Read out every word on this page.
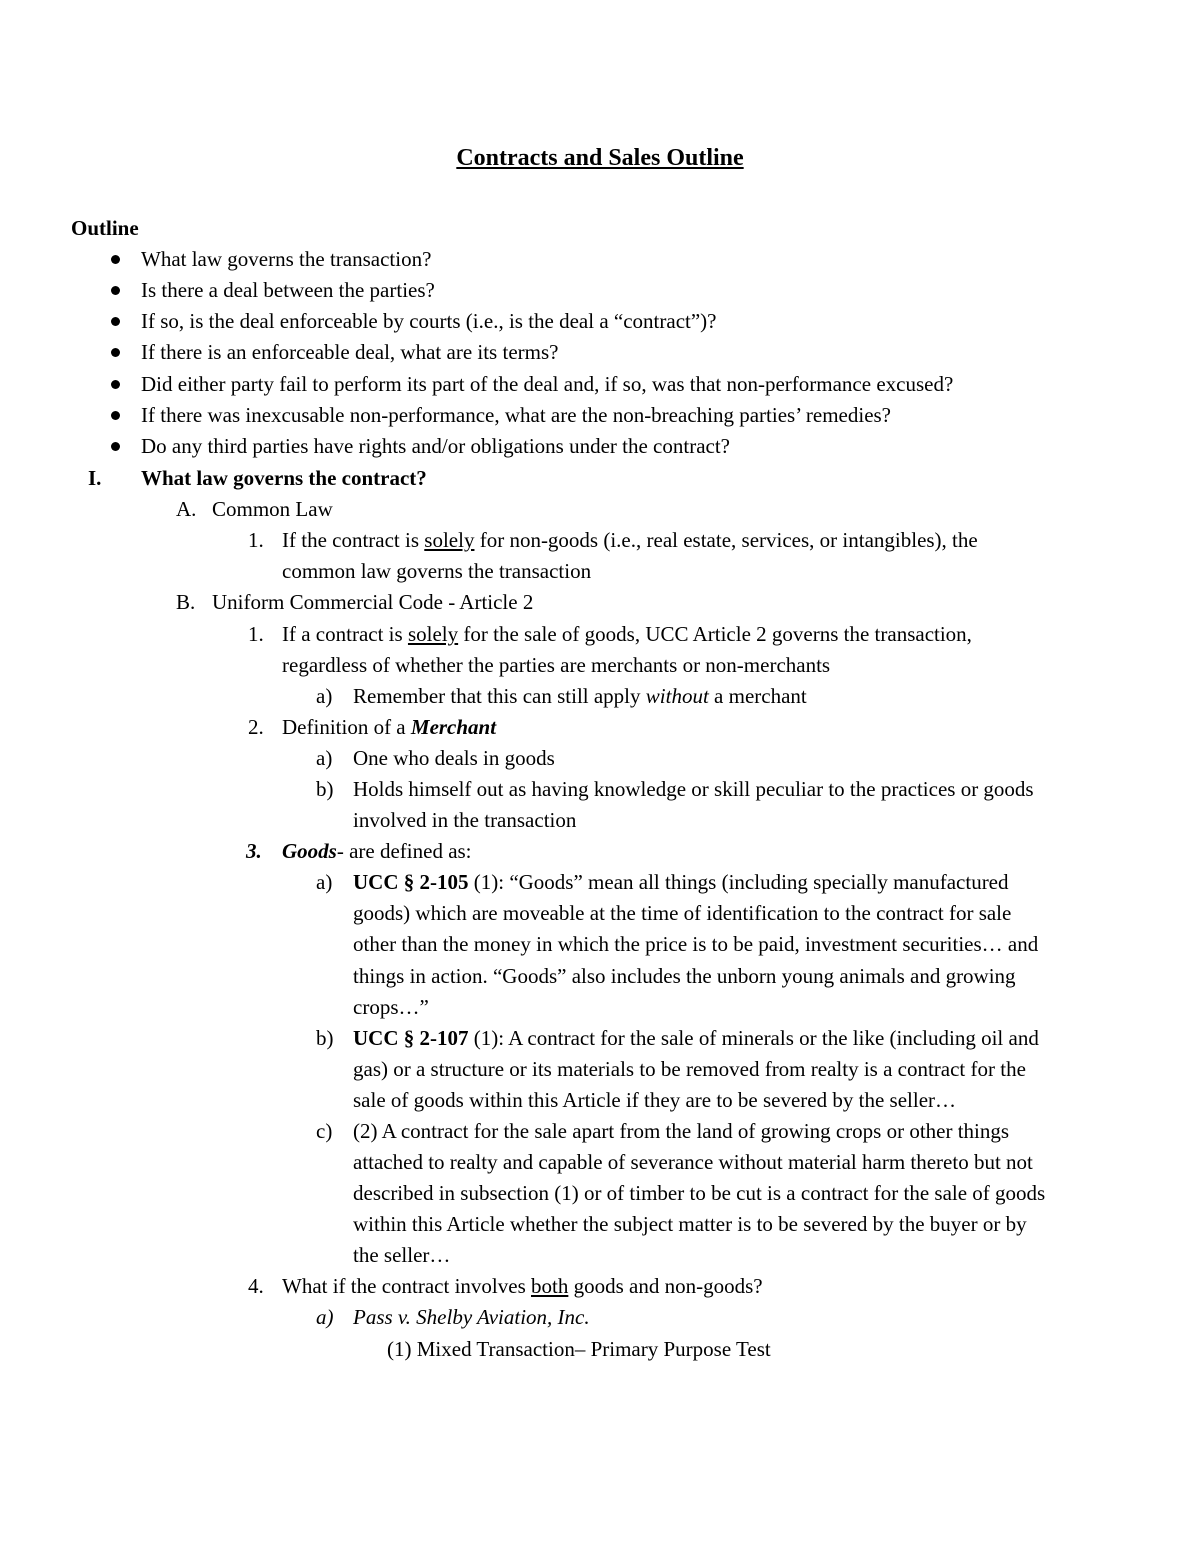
Contracts and Sales Outline
Outline
What law governs the transaction?
Is there a deal between the parties?
If so, is the deal enforceable by courts (i.e., is the deal a “contract”)?
If there is an enforceable deal, what are its terms?
Did either party fail to perform its part of the deal and, if so, was that non-performance excused?
If there was inexcusable non-performance, what are the non-breaching parties’ remedies?
Do any third parties have rights and/or obligations under the contract?
I. What law governs the contract?
A. Common Law
1. If the contract is solely for non-goods (i.e., real estate, services, or intangibles), the
common law governs the transaction
B. Uniform Commercial Code - Article 2
1. If a contract is solely for the sale of goods, UCC Article 2 governs the transaction,
regardless of whether the parties are merchants or non-merchants
a) Remember that this can still apply without a merchant
2. Definition of a Merchant
a) One who deals in goods
b) Holds himself out as having knowledge or skill peculiar to the practices or goods
involved in the transaction
3. Goods- are defined as:
a) UCC § 2-105 (1): “Goods” mean all things (including specially manufactured
goods) which are moveable at the time of identification to the contract for sale
other than the money in which the price is to be paid, investment securities… and
things in action. “Goods” also includes the unborn young animals and growing
crops…”
b) UCC § 2-107 (1): A contract for the sale of minerals or the like (including oil and
gas) or a structure or its materials to be removed from realty is a contract for the
sale of goods within this Article if they are to be severed by the seller…
c) (2) A contract for the sale apart from the land of growing crops or other things
attached to realty and capable of severance without material harm thereto but not
described in subsection (1) or of timber to be cut is a contract for the sale of goods
within this Article whether the subject matter is to be severed by the buyer or by
the seller…
4. What if the contract involves both goods and non-goods?
a) Pass v. Shelby Aviation, Inc.
(1) Mixed Transaction– Primary Purpose Test
